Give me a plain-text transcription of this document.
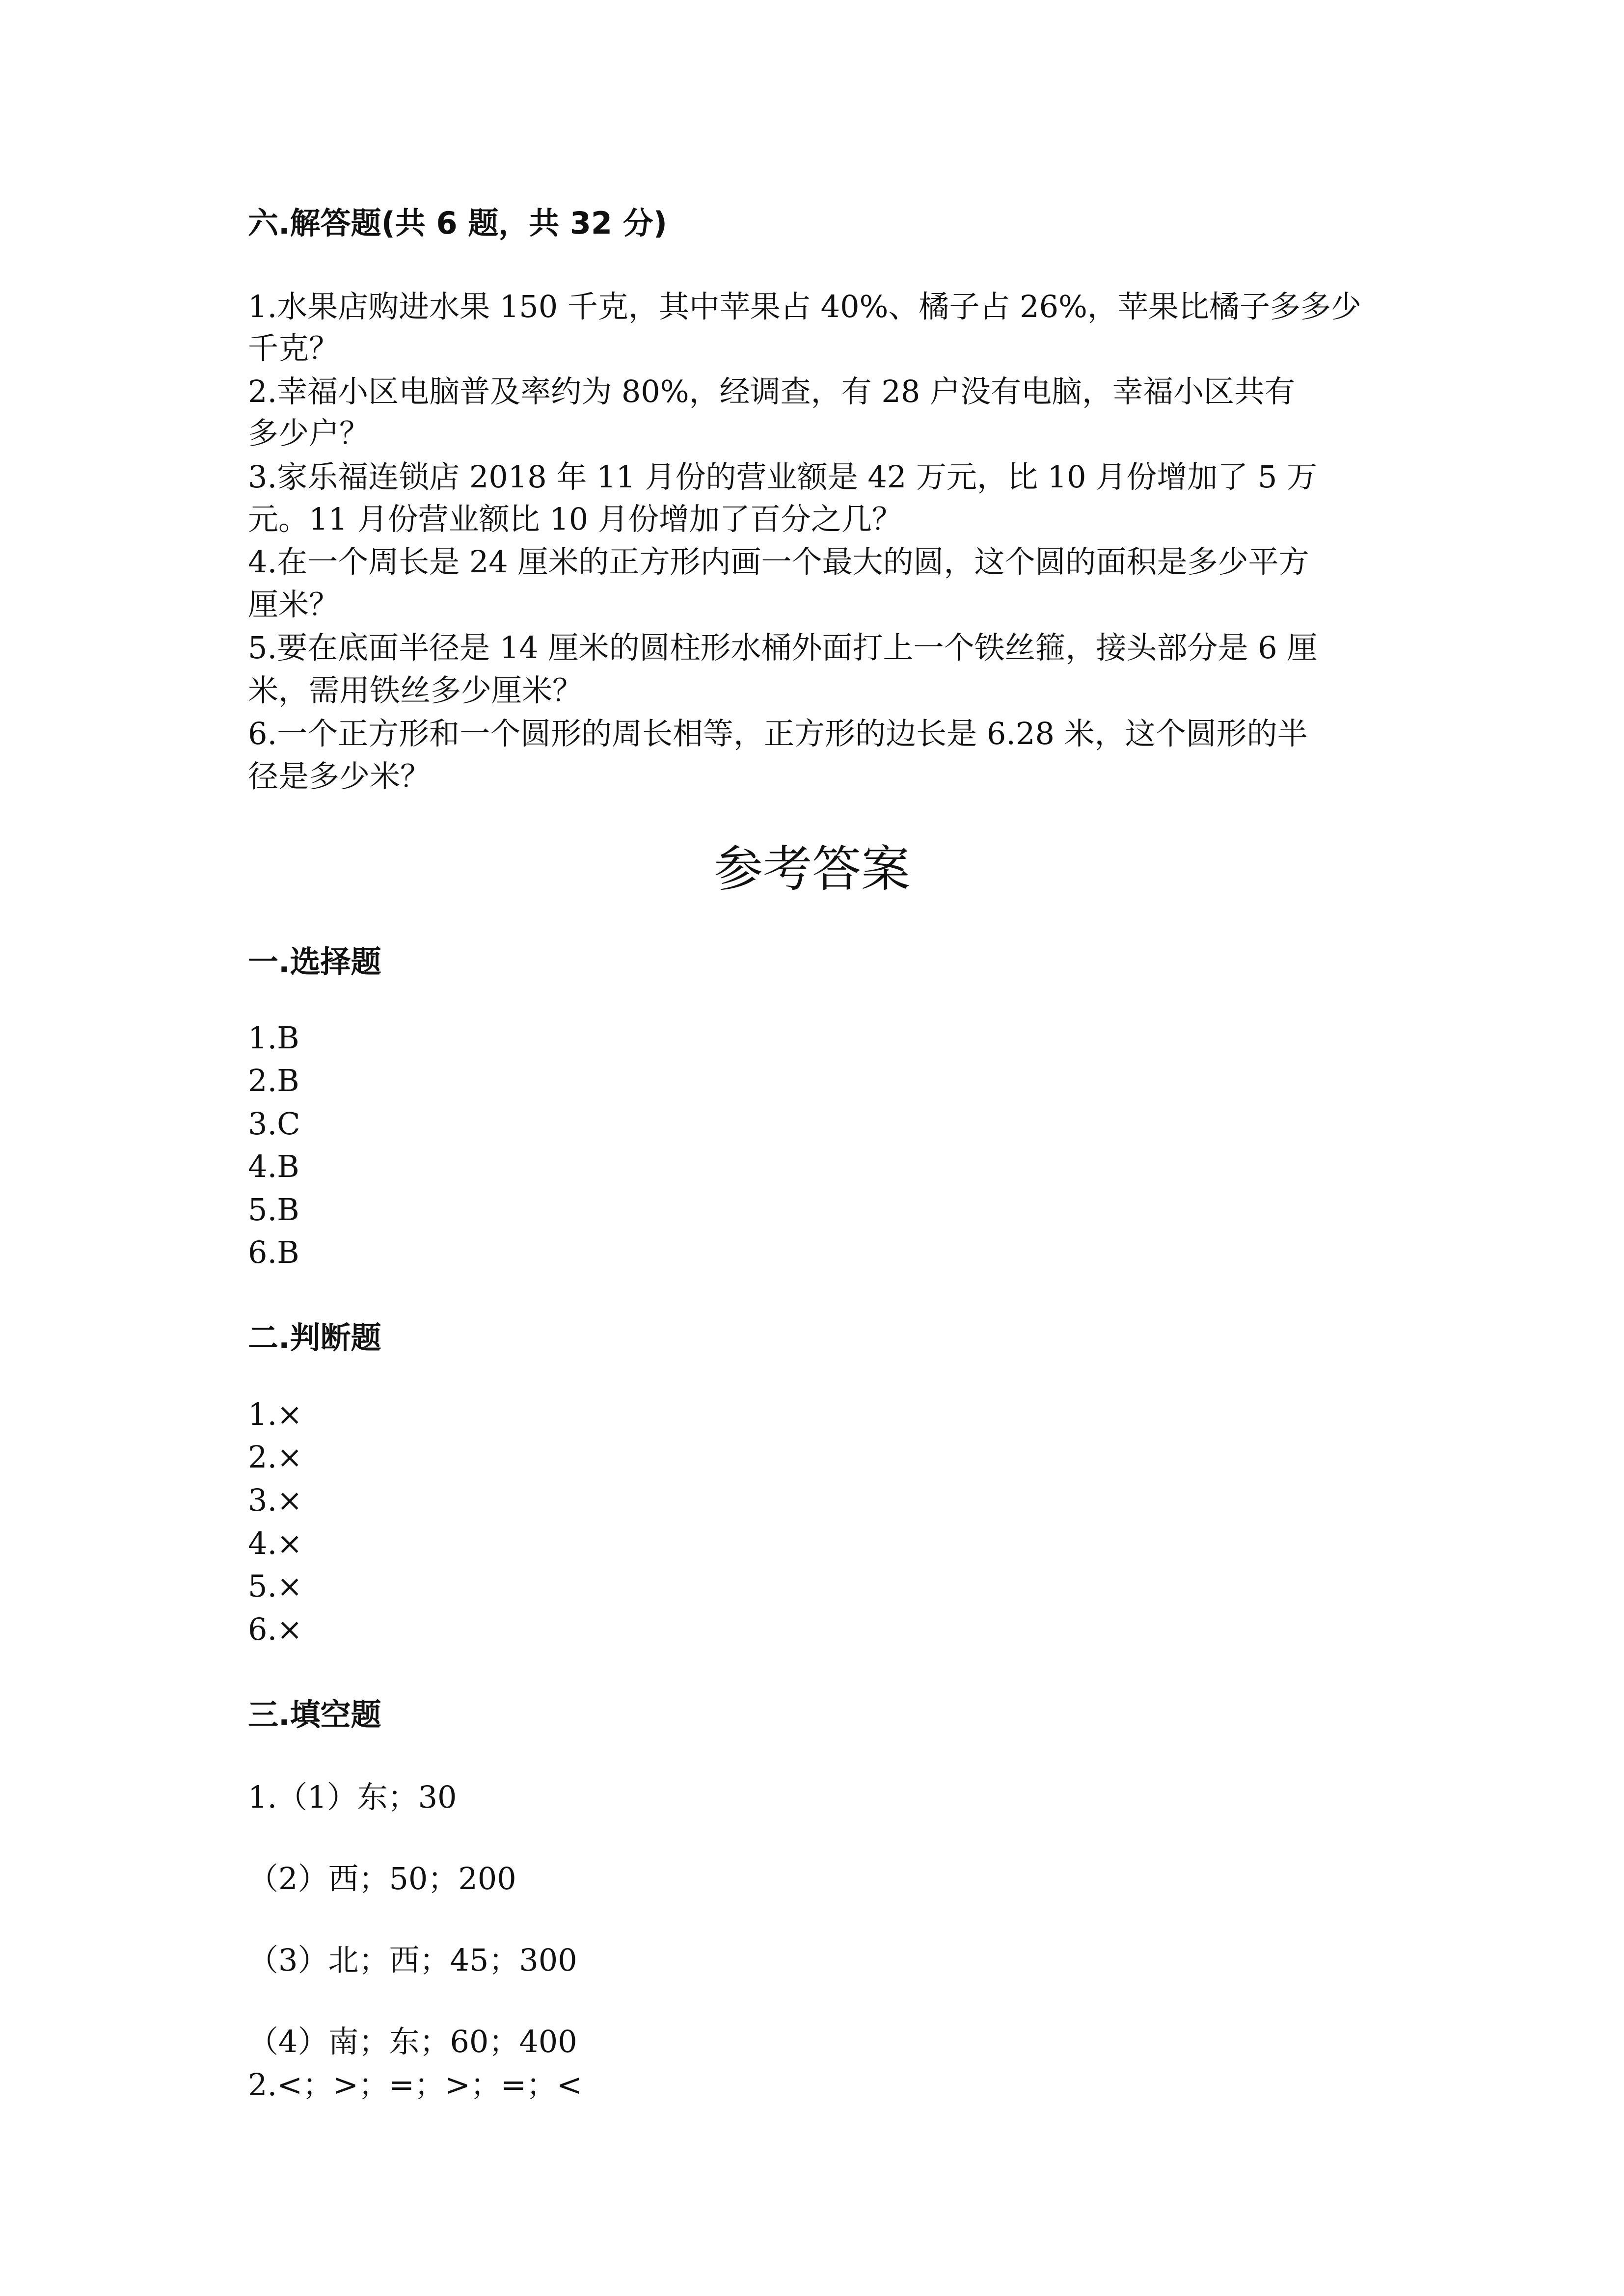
六.解答题(共 6 题，共 32 分)
1.水果店购进水果 150 千克，其中苹果占 40%、橘子占 26%，苹果比橘子多多少
千克？
2.幸福小区电脑普及率约为 80%，经调查，有 28 户没有电脑，幸福小区共有
多少户？
3.家乐福连锁店 2018 年 11 月份的营业额是 42 万元，比 10 月份增加了 5 万
元。11 月份营业额比 10 月份增加了百分之几？
4.在一个周长是 24 厘米的正方形内画一个最大的圆，这个圆的面积是多少平方
厘米？
5.要在底面半径是 14 厘米的圆柱形水桶外面打上一个铁丝箍，接头部分是 6 厘
米，需用铁丝多少厘米？
6.一个正方形和一个圆形的周长相等，正方形的边长是 6.28 米，这个圆形的半
径是多少米？
参考答案
一.选择题
1.B
2.B
3.C
4.B
5.B
6.B
二.判断题
1.×
2.×
3.×
4.×
5.×
6.×
三.填空题
1.（1）东；30
（2）西；50；200
（3）北；西；45；300
（4）南；东；60；400
2.<；>；=；>；=；<
